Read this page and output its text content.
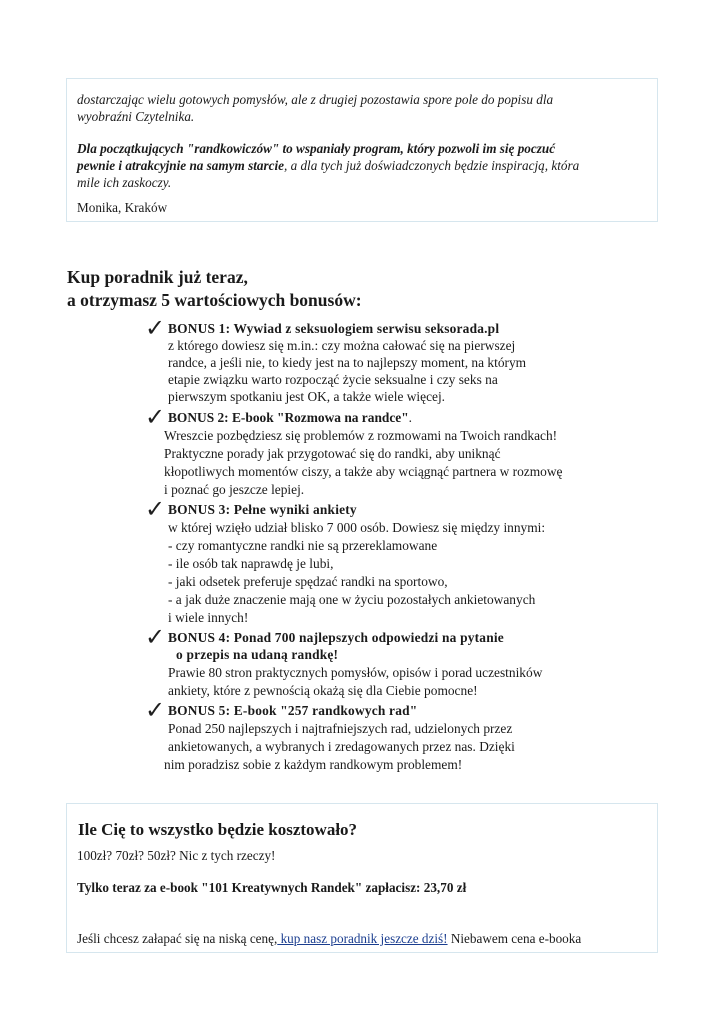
dostarczając wielu gotowych pomysłów, ale z drugiej pozostawia spore pole do popisu dla
wyobraźni Czytelnika.
Dla początkujących "randkowiczów" to wspaniały program, który pozwoli im się poczuć
pewnie i atrakcyjnie na samym starcie, a dla tych już doświadczonych będzie inspiracją, która
mile ich zaskoczy.
Monika, Kraków
Kup poradnik już teraz,
a otrzymasz 5 wartościowych bonusów:
✓ BONUS 1: Wywiad z seksuologiem serwisu seksorada.pl
z którego dowiesz się m.in.: czy można całować się na pierwszej
randce, a jeśli nie, to kiedy jest na to najlepszy moment, na którym
etapie związku warto rozpocząć życie seksualne i czy seks na
pierwszym spotkaniu jest OK, a także wiele więcej.
✓ BONUS 2: E-book "Rozmowa na randce".
Wreszcie pozbędziesz się problemów z rozmowami na Twoich randkach!
Praktyczne porady jak przygotować się do randki, aby uniknąć
kłopotliwych momentów ciszy, a także aby wciągnąć partnera w rozmowę
i poznać go jeszcze lepiej.
✓ BONUS 3: Pełne wyniki ankiety
w której wzięło udział blisko 7 000 osób. Dowiesz się między innymi:
- czy romantyczne randki nie są przereklamowane
- ile osób tak naprawdę je lubi,
- jaki odsetek preferuje spędzać randki na sportowo,
- a jak duże znaczenie mają one w życiu pozostałych ankietowanych
i wiele innych!
✓ BONUS 4: Ponad 700 najlepszych odpowiedzi na pytanie
o przepis na udaną randkę!
Prawie 80 stron praktycznych pomysłów, opisów i porad uczestników
ankiety, które z pewnością okażą się dla Ciebie pomocne!
✓ BONUS 5: E-book "257 randkowych rad"
Ponad 250 najlepszych i najtrafniejszych rad, udzielonych przez
ankietowanych, a wybranych i zredagowanych przez nas. Dzięki
nim poradzisz sobie z każdym randkowym problemem!
Ile Cię to wszystko będzie kosztowało?
100zł? 70zł? 50zł? Nic z tych rzeczy!
Tylko teraz za e-book "101 Kreatywnych Randek" zapłacisz: 23,70 zł
Jeśli chcesz załapać się na niską cenę, kup nasz poradnik jeszcze dziś! Niebawem cena e-booka
